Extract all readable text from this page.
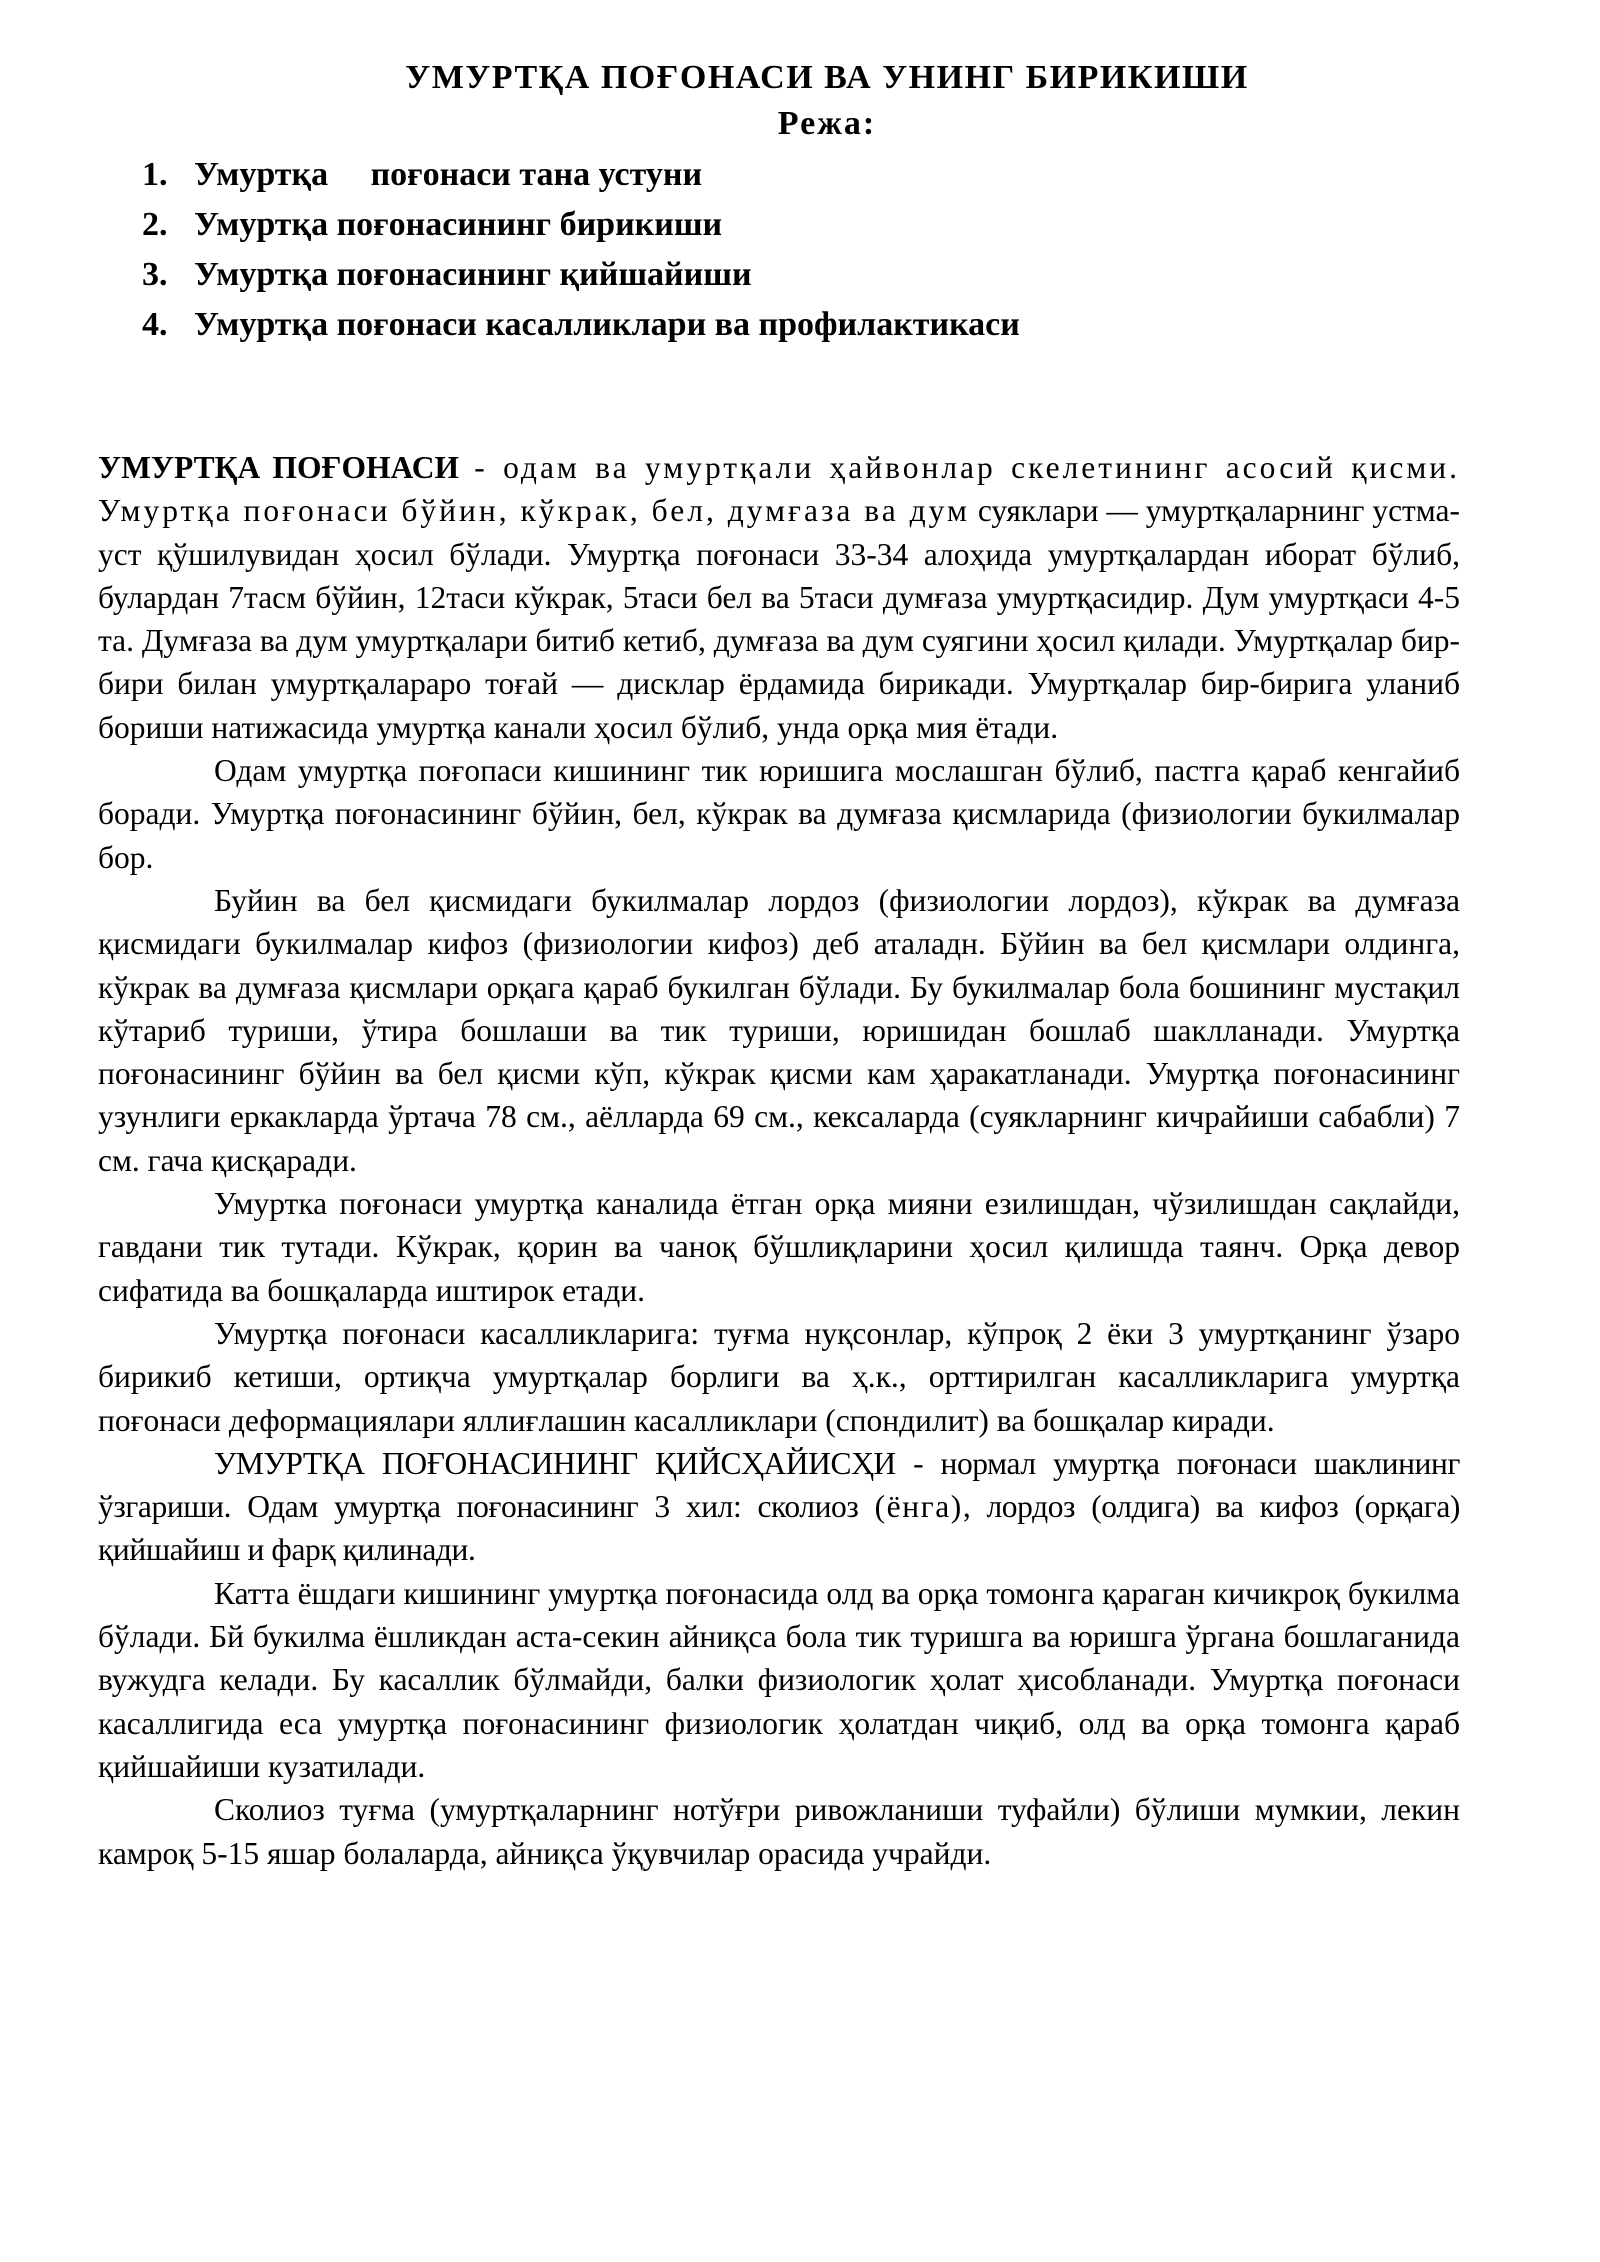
УМУРТҚА ПОҒОНАСИ ВА УНИНГ БИРИКИШИ
Режа:
1. Умуртқа     поғонаси тана устуни
2. Умуртқа поғонасининг бирикиши
3. Умуртқа поғонасининг қийшайиши
4. Умуртқа поғонаси касалликлари ва профилактикаси

УМУРТҚА ПОҒОНАСИ - одам ва умуртқали ҳайвонлар скелетининг асосий қисми. Умуртқа поғонаси бўйин, кўкрак, бел, думғаза ва дум суяклари — умуртқаларнинг устма-уст қўшилувидан ҳосил бўлади. Умуртқа поғонаси 33-34 алоҳида умуртқалардан иборат бўлиб, булардан 7тасм бўйин, 12таси кўкрак, 5таси бел ва 5таси думғаза умуртқасидир. Дум умуртқаси 4-5 та. Думғаза ва дум умуртқалари битиб кетиб, думғаза ва дум суягини ҳосил қилади. Умуртқалар бир-бири билан умуртқалараро тоғай — дисклар ёрдамида бирикади. Умуртқалар бир-бирига уланиб бориши натижасида умуртқа канали ҳосил бўлиб, унда орқа мия ётади.

Одам умуртқа поғопаси кишининг тик юришига мослашган бўлиб, пастга қараб кенгайиб боради. Умуртқа поғонасининг бўйин, бел, кўкрак ва думғаза қисмларида (физиологии букилмалар бор.

Буйин ва бел қисмидаги букилмалар лордоз (физиологии лордоз), кўкрак ва думғаза қисмидаги букилмалар кифоз (физиологии кифоз) деб аталадн. Бўйин ва бел қисмлари олдинга, кўкрак ва думғаза қисмлари орқага қараб букилган бўлади. Бу букилмалар бола бошининг мустақил кўтариб туриши, ўтира бошлаши ва тик туриши, юришидан бошлаб шаклланади. Умуртқа поғонасининг бўйин ва бел қисми кўп, кўкрак қисми кам ҳаракатланади. Умуртқа поғонасининг узунлиги еркакларда ўртача 78 см., аёлларда 69 см., кексаларда (суякларнинг кичрайиши сабабли) 7 см. гача қисқаради.

Умуртка поғонаси умуртқа каналида ётган орқа мияни езилишдан, чўзилишдан сақлайди, гавдани тик тутади. Кўкрак, қорин ва чаноқ бўшлиқларини ҳосил қилишда таянч. Орқа девор сифатида ва бошқаларда иштирок етади.

Умуртқа поғонаси касалликларига: туғма нуқсонлар, кўпроқ 2 ёки 3 умуртқанинг ўзаро бирикиб кетиши, ортиқча умуртқалар борлиги ва ҳ.к., орттирилган касалликларига умуртқа поғонаси деформациялари яллиғлашин касалликлари (спондилит) ва бошқалар киради.

УМУРТҚА ПОҒОНАСИНИНГ ҚИЙСҲАЙИСҲИ - нормал умуртқа поғонаси шаклининг ўзгариши. Одам умуртқа поғонасининг 3 хил: сколиоз (ёнга), лордоз (олдига) ва кифоз (орқага) қийшайиш и фарқ қилинади.

Катта ёшдаги кишининг умуртқа поғонасида олд ва орқа томонга қараган кичикроқ букилма бўлади. Бй букилма ёшликдан аста-секин айниқса бола тик туришга ва юришга ўргана бошлаганида вужудга келади. Бу касаллик бўлмайди, балки физиологик ҳолат ҳисобланади. Умуртқа поғонаси касаллигида еса умуртқа поғонасининг физиологик ҳолатдан чиқиб, олд ва орқа томонга қараб қийшайиши кузатилади.

Сколиоз туғма (умуртқаларнинг нотўғри ривожланиши туфайли) бўлиши мумкии, лекин камроқ 5-15 яшар болаларда, айниқса ўқувчилар орасида учрайди.
